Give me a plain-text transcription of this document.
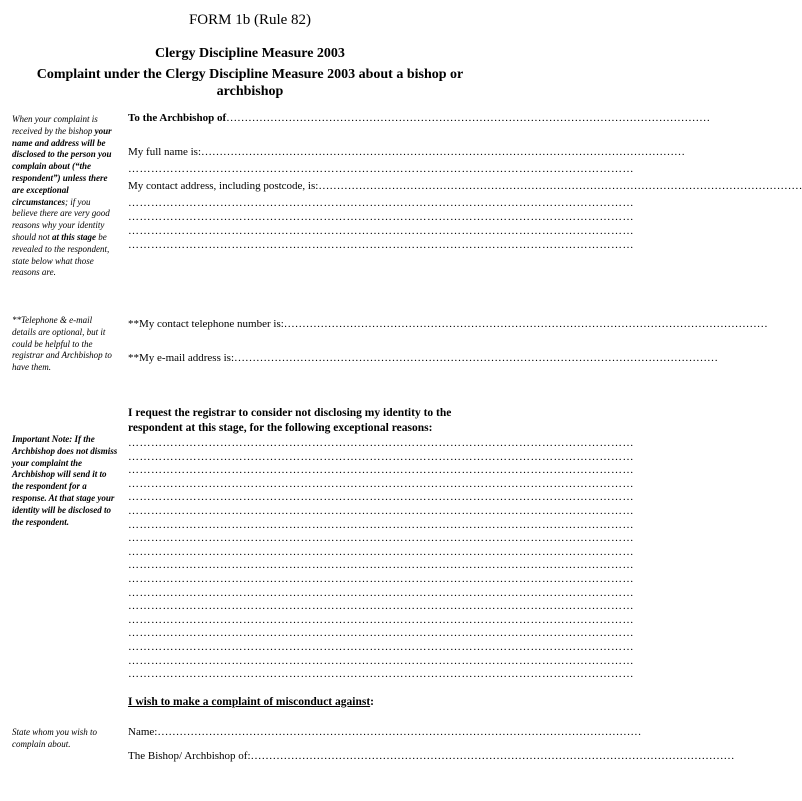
FORM 1b (Rule 82)
Clergy Discipline Measure 2003
Complaint under the Clergy Discipline Measure 2003 about a bishop or archbishop
When your complaint is received by the bishop your name and address will be disclosed to the person you complain about (“the respondent”) unless there are exceptional circumstances; if you believe there are very good reasons why your identity should not at this stage be revealed to the respondent, state below what those reasons are.
**Telephone & e-mail details are optional, but it could be helpful to the registrar and Archbishop to have them.
Important Note: If the Archbishop does not dismiss your complaint the Archbishop will send it to the respondent for a response. At that stage your identity will be disclosed to the respondent.
State whom you wish to complain about.
To the Archbishop of……………………………………………………………………………………………………………………
My full name is:……………………………………………………………………………………………………………………
……………………………………………………………………………………………………………………
My contact address, including postcode, is:……………………………………………………………………………………………………………………
……………………………………………………………………………………………………………………
……………………………………………………………………………………………………………………
……………………………………………………………………………………………………………………
……………………………………………………………………………………………………………………
**My contact telephone number is:……………………………………………………………………………………………………………………
**My e-mail address is:……………………………………………………………………………………………………………………
I request the registrar to consider not disclosing my identity to the respondent at this stage, for the following exceptional reasons:
……………………………………………………………………………………………………………………
……………………………………………………………………………………………………………………
……………………………………………………………………………………………………………………
……………………………………………………………………………………………………………………
……………………………………………………………………………………………………………………
……………………………………………………………………………………………………………………
……………………………………………………………………………………………………………………
……………………………………………………………………………………………………………………
……………………………………………………………………………………………………………………
……………………………………………………………………………………………………………………
……………………………………………………………………………………………………………………
……………………………………………………………………………………………………………………
……………………………………………………………………………………………………………………
……………………………………………………………………………………………………………………
……………………………………………………………………………………………………………………
……………………………………………………………………………………………………………………
……………………………………………………………………………………………………………………
……………………………………………………………………………………………………………………
I wish to make a complaint of misconduct against:
Name:……………………………………………………………………………………………………………………
The Bishop/ Archbishop of:……………………………………………………………………………………………………………………
